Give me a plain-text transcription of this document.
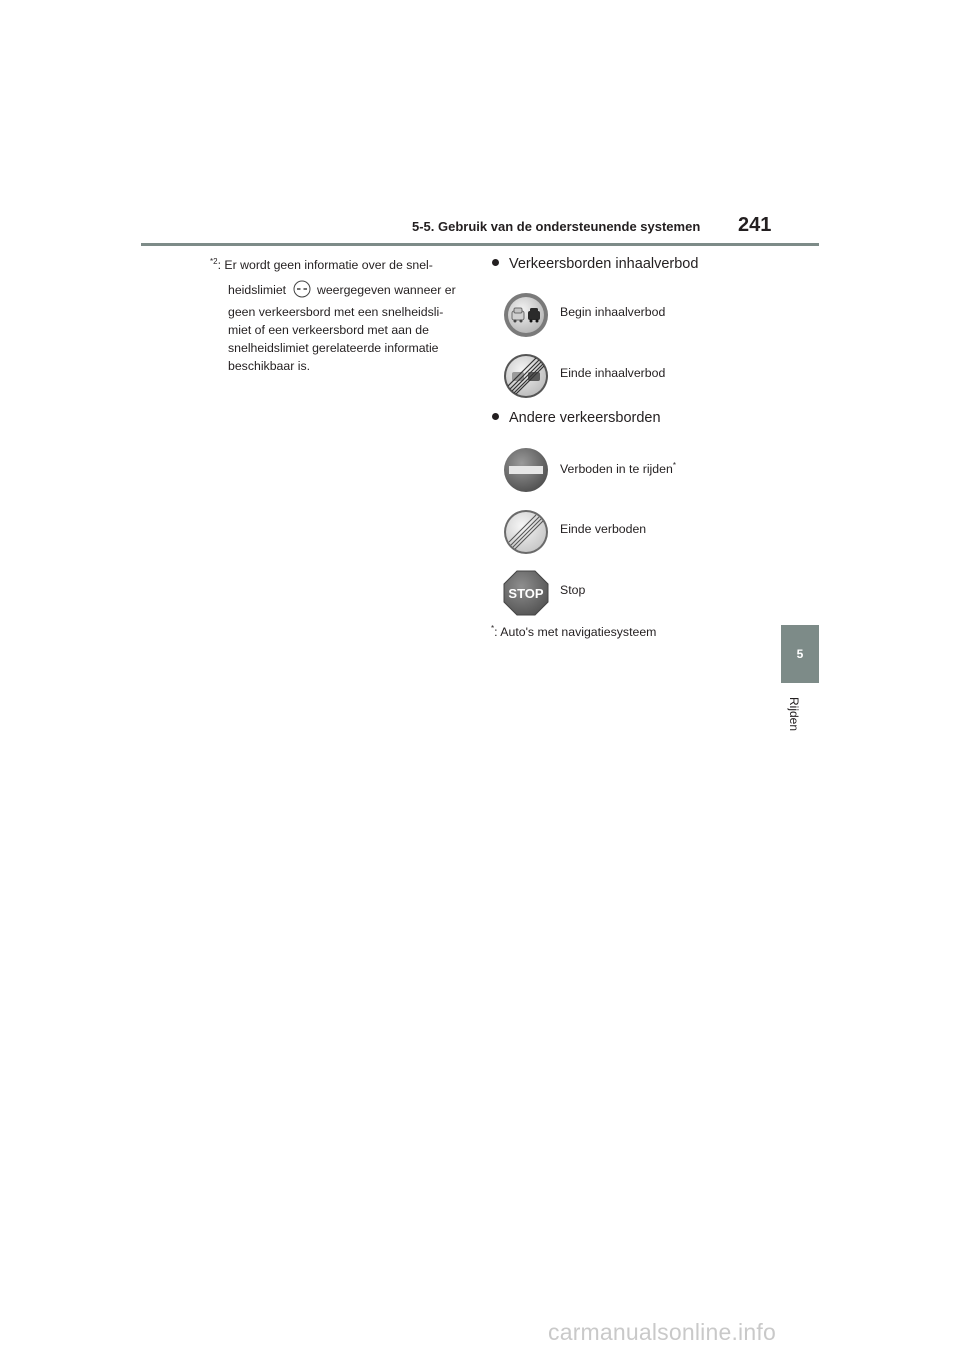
5-5. Gebruik van de ondersteunende systemen 241
5
Rijden
$^{*2}$: Er wordt geen informatie over de snel-
heidslimiet	weergegeven wanneer er
geen verkeersbord met een snelheidsli-
miet of een verkeersbord met aan de
snelheidslimiet gerelateerde informatie
beschikbaar is.
Verkeersborden inhaalverbod
Begin inhaalverbod
Einde inhaalverbod
Andere verkeersborden
Verboden in te rijden*
Einde verboden
STOP Stop
*: Auto's met navigatiesysteem
carmanualsonline.info
